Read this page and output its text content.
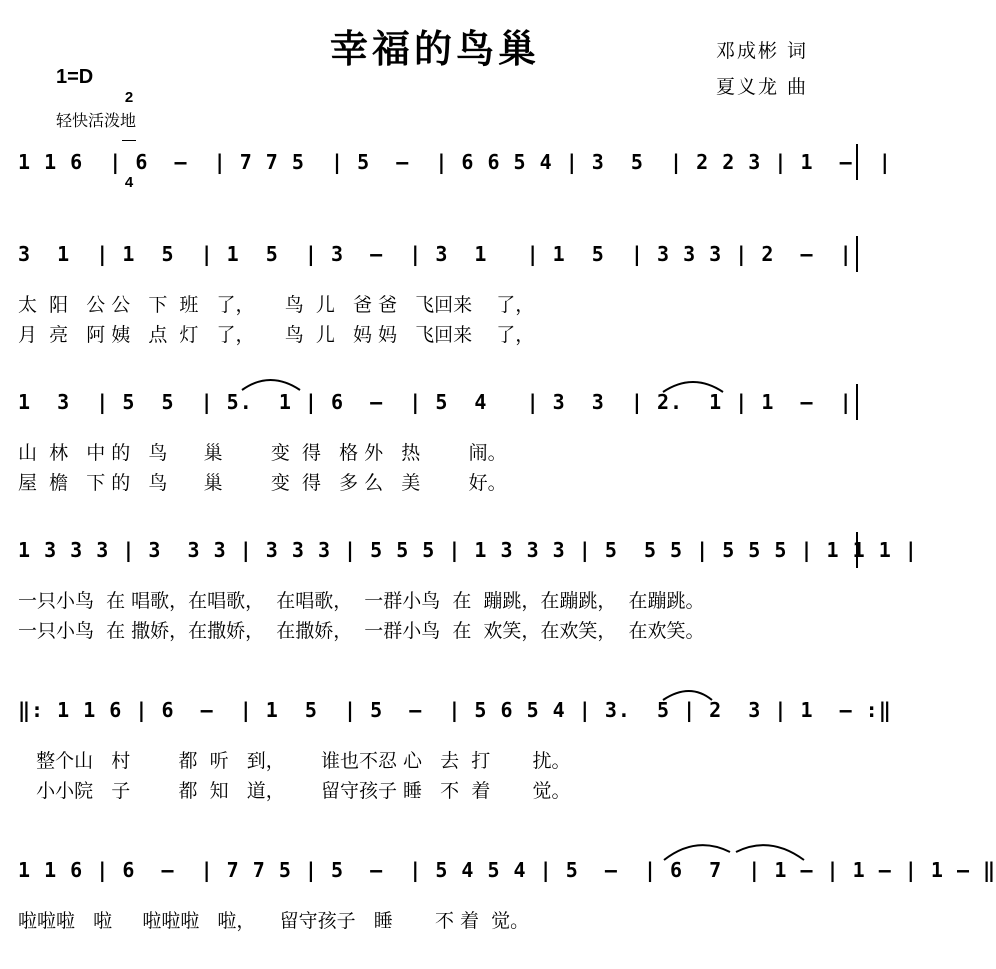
幸福的鸟巢	邓成彬 词
夏义龙 曲
1=D

2

4

轻快活泼地
1 1 6  | 6  –  | 7 7 5  | 5  –  | 6 6 5 4 | 3  5  | 2 2 3 | 1  –  |
3  1  | 1  5  | 1  5  | 3  –  | 3  1   | 1  5  | 3 3 3 | 2  –  |
太  阳   公 公   下  班   了，     鸟  儿   爸 爸   飞回来    了，
月  亮   阿 姨   点  灯   了，     鸟  儿   妈 妈   飞回来    了，
1  3  | 5  5  | 5.  1 | 6  –  | 5  4   | 3  3  | 2.  1 | 1  –  |
山  林   中 的   鸟      巢        变  得   格 外   热        闹。
屋  檐   下 的   鸟      巢        变  得   多 么   美        好。
1 3 3 3 | 3  3 3 | 3 3 3 | 5 5 5 | 1 3 3 3 | 5  5 5 | 5 5 5 | 1 1 1 |
一只小鸟  在 唱歌，在唱歌，  在唱歌，  一群小鸟  在  蹦跳，在蹦跳，  在蹦跳。
一只小鸟  在 撒娇，在撒娇，  在撒娇，  一群小鸟  在  欢笑，在欢笑，  在欢笑。
‖: 1 1 6 | 6  –  | 1  5  | 5  –  | 5 6 5 4 | 3.  5 | 2  3 | 1  – :‖
整个山   村        都  听   到，      谁也不忍 心   去  打       扰。
小小院   子        都  知   道，      留守孩子 睡   不  着       觉。
1 1 6 | 6  –  | 7 7 5 | 5  –  | 5 4 5 4 | 5  –  | 6  7  | 1 – | 1 – | 1 – ‖
啦啦啦   啦     啦啦啦   啦，    留守孩子   睡       不 着  觉。
